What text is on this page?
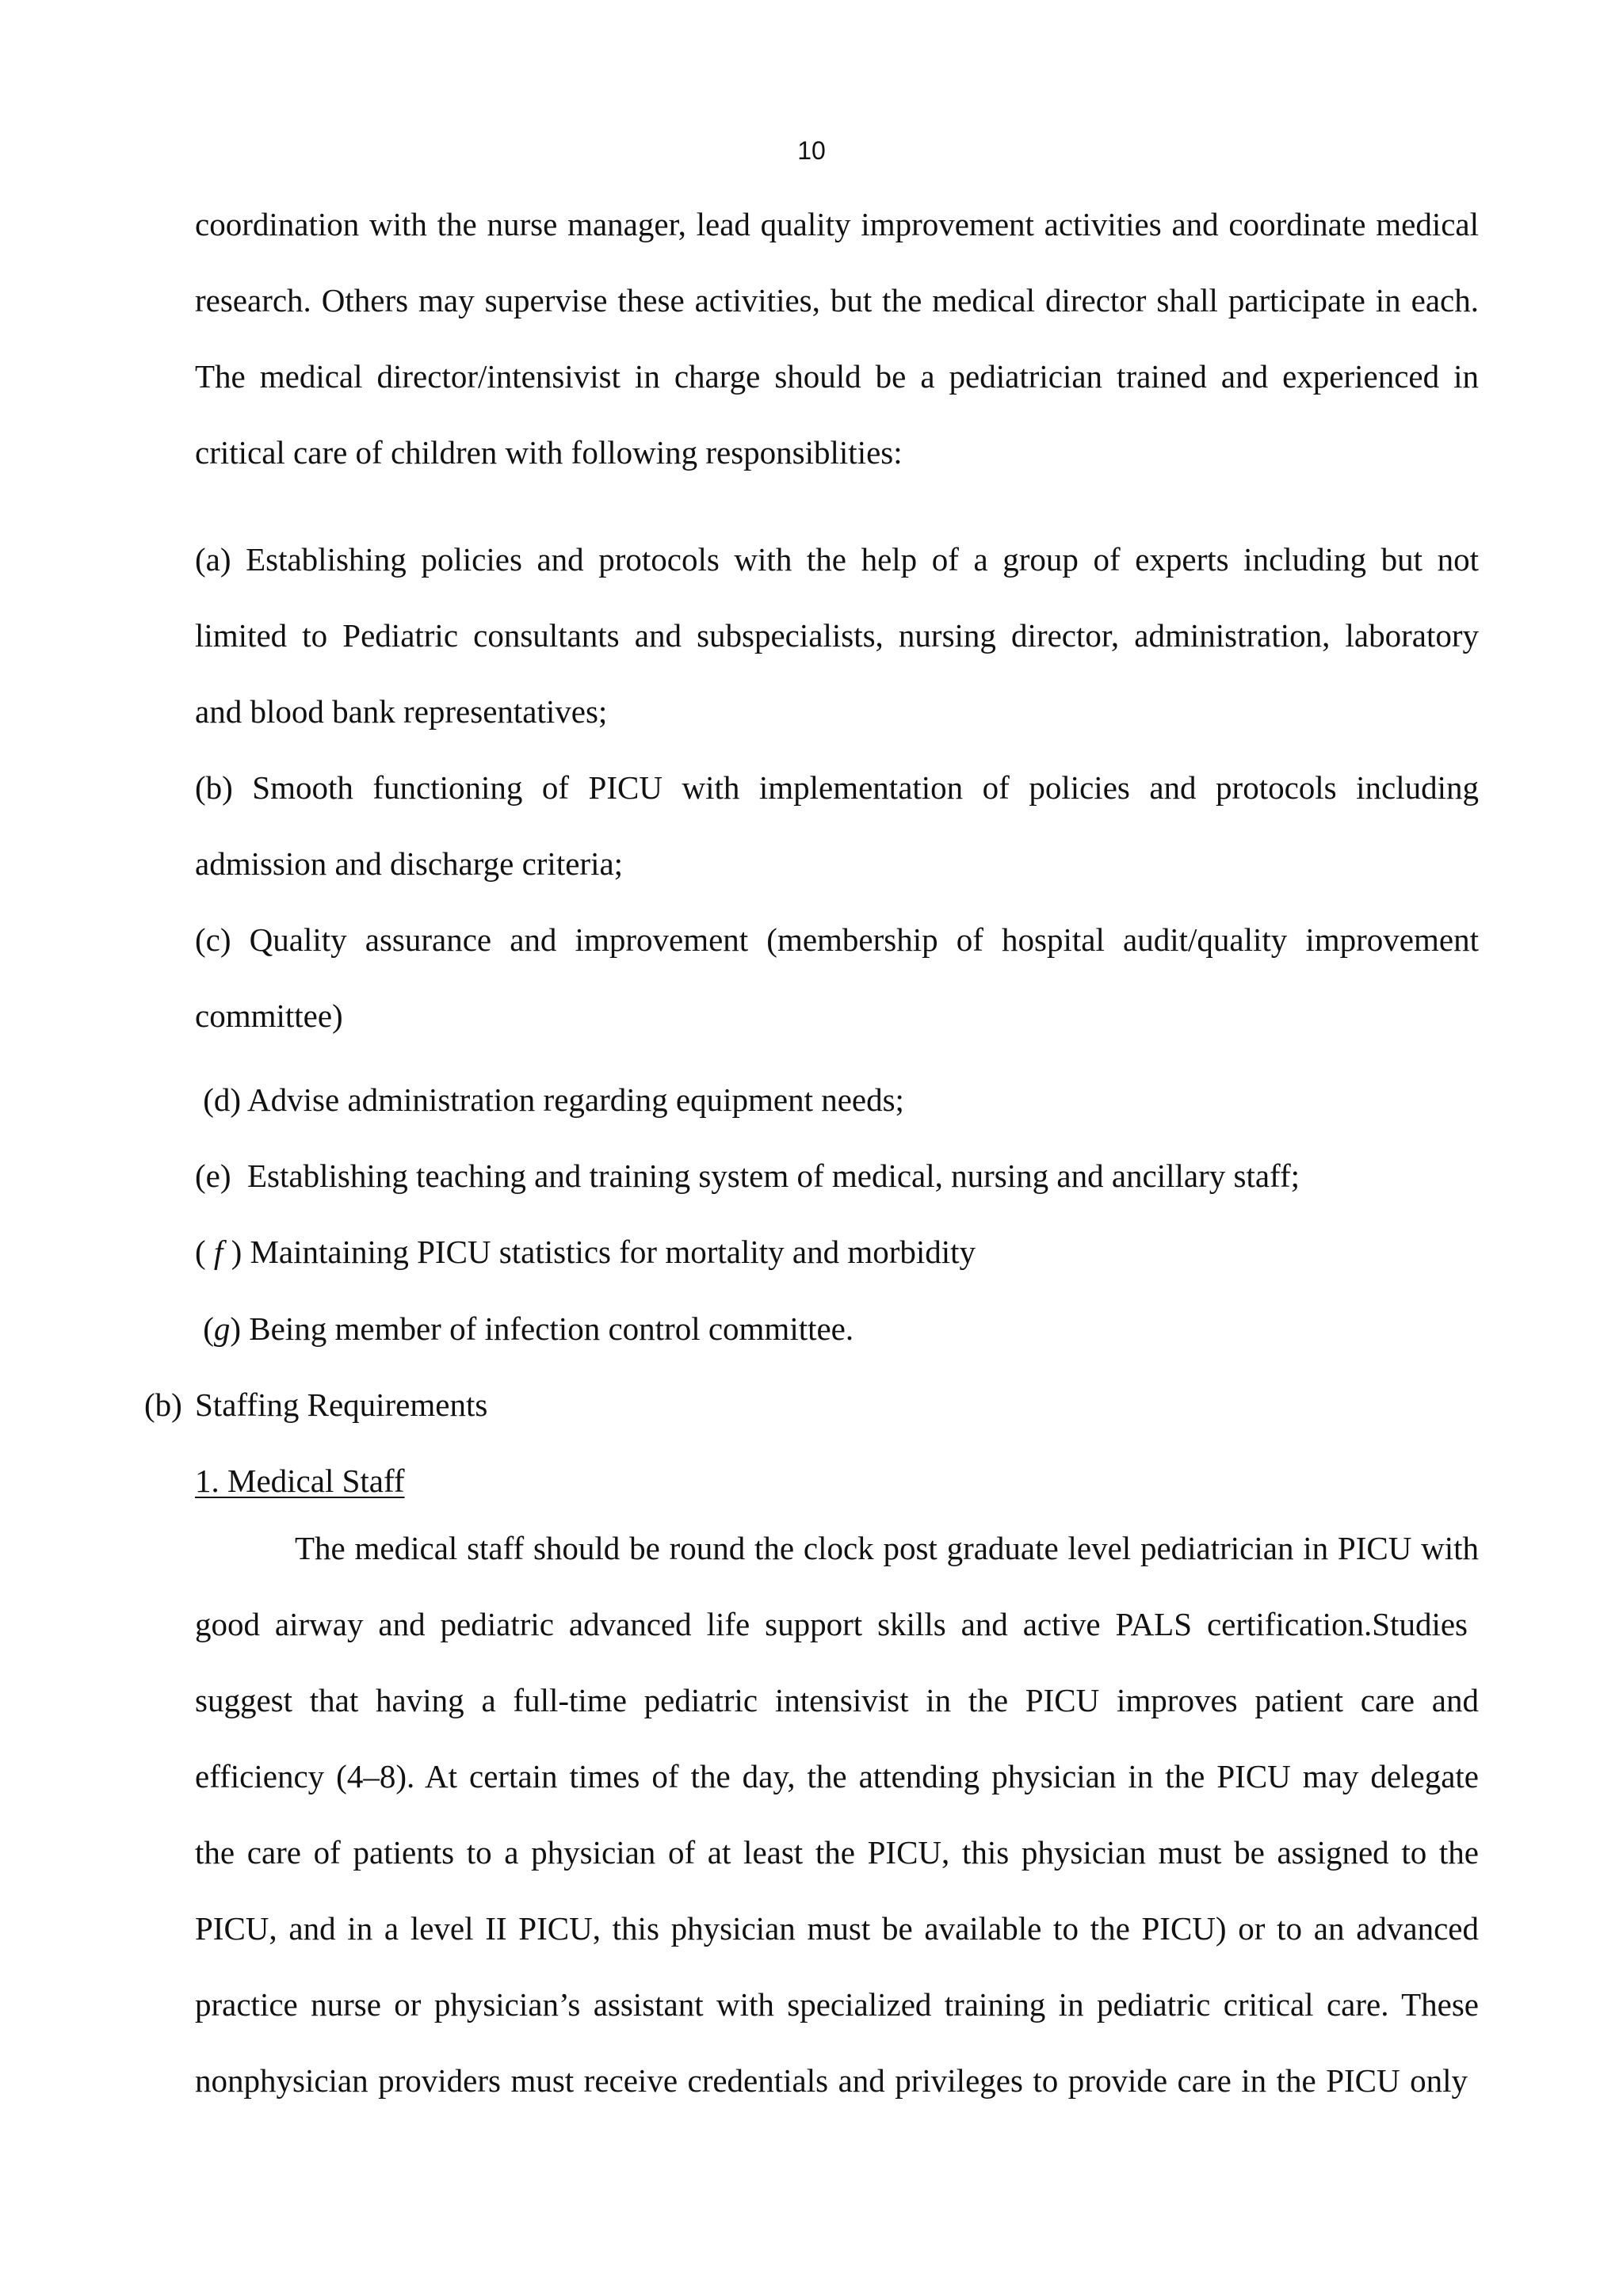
10
coordination with the nurse manager, lead quality improvement activities and coordinate medical
research. Others may supervise these activities, but the medical director shall participate in each.
The medical director/intensivist in charge should be a pediatrician trained and experienced in
critical care of children with following responsiblities:
(a) Establishing policies and protocols with the help of a group of experts including but not
limited to Pediatric consultants and subspecialists, nursing director, administration, laboratory
and blood bank representatives;
(b) Smooth functioning of PICU with implementation of policies and protocols including
admission and discharge criteria;
(c) Quality assurance and improvement (membership of hospital audit/quality improvement
committee)
(d) Advise administration regarding equipment needs;
(e)  Establishing teaching and training system of medical, nursing and ancillary staff;
( f ) Maintaining PICU statistics for mortality and morbidity
(g) Being member of infection control committee.
(b) Staffing Requirements
1. Medical Staff
The medical staff should be round the clock post graduate level pediatrician in PICU with
good airway and pediatric advanced life support skills and active PALS certification.Studies
suggest that having a full-time pediatric intensivist in the PICU improves patient care and
efficiency (4–8). At certain times of the day, the attending physician in the PICU may delegate
the care of patients to a physician of at least the PICU, this physician must be assigned to the
PICU, and in a level II PICU, this physician must be available to the PICU) or to an advanced
practice nurse or physician’s assistant with specialized training in pediatric critical care. These
nonphysician providers must receive credentials and privileges to provide care in the PICU only
